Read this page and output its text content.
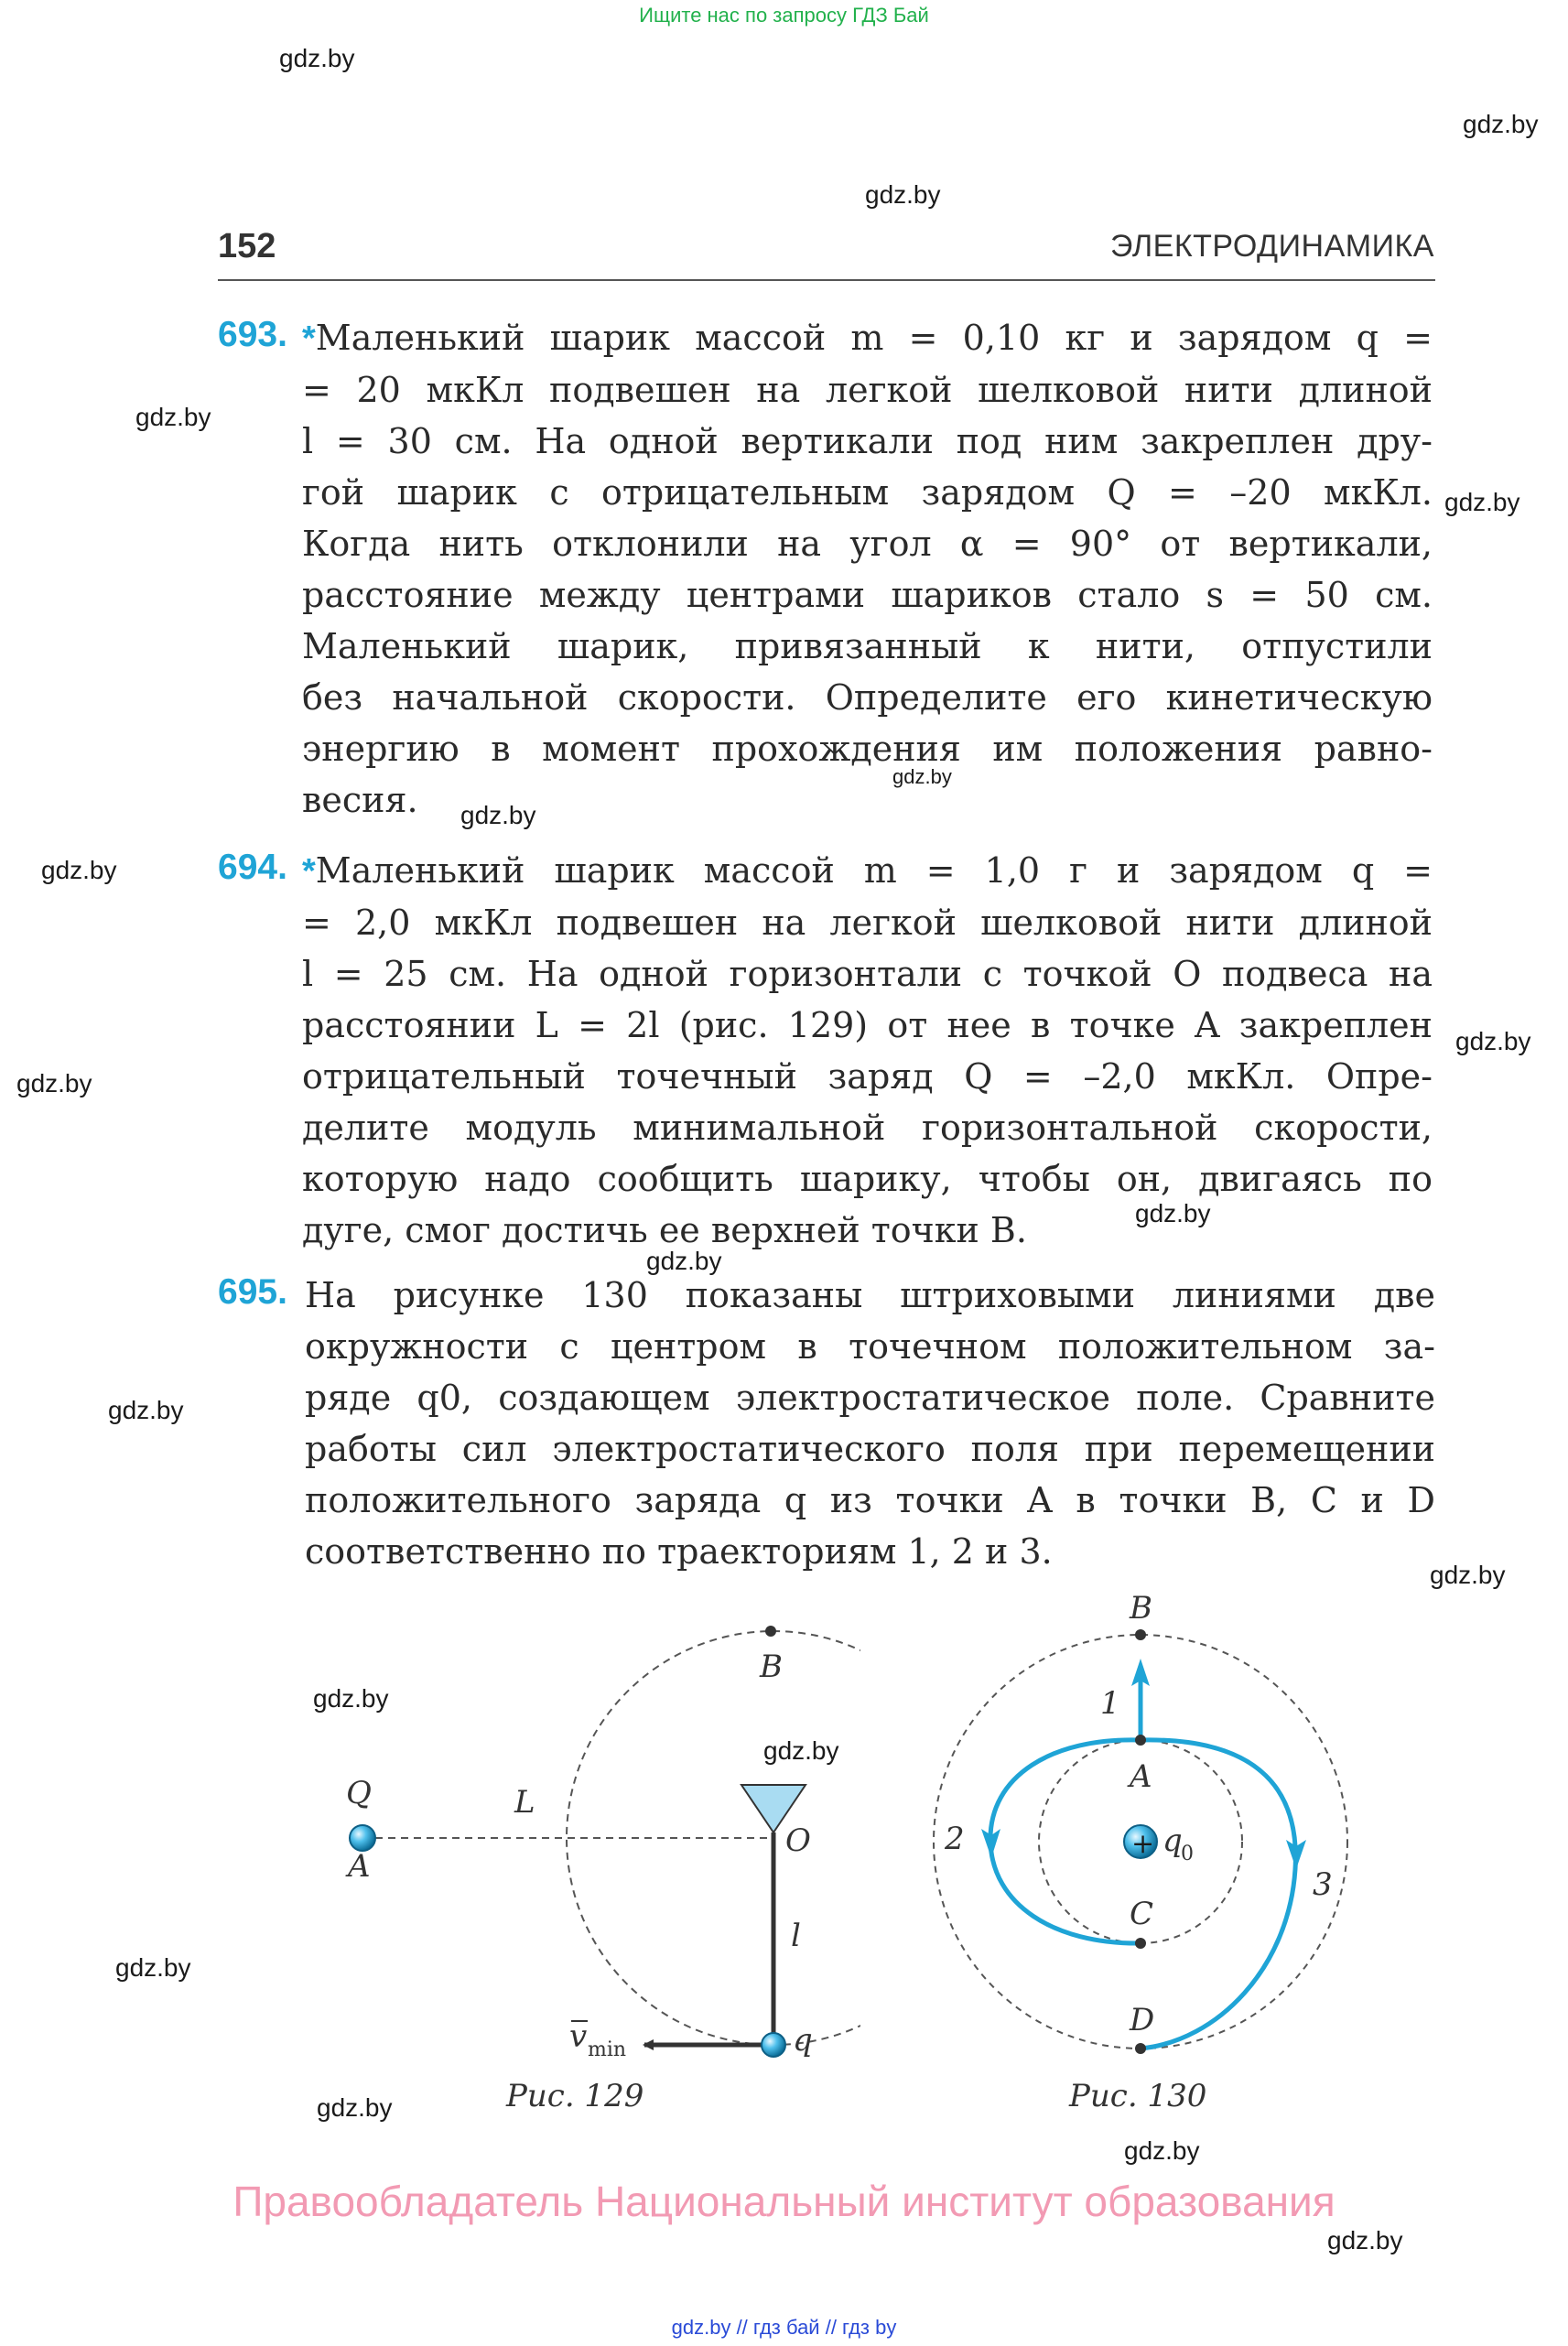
Ищите нас по запросу ГДЗ Бай
gdz.by
gdz.by
gdz.by
gdz.by
gdz.by
gdz.by
gdz.by
gdz.by
gdz.by
gdz.by
gdz.by
gdz.by
gdz.by
gdz.by
gdz.by
gdz.by
gdz.by
gdz.by
gdz.by
gdz.by
152	ЭЛЕКТРОДИНАМИКА
693. *Маленький шарик массой m = 0,10 кг и зарядом q =
= 20 мкКл подвешен на легкой шелковой нити длиной
l = 30 см. На одной вертикали под ним закреплен дру-
гой шарик с отрицательным зарядом Q = –20 мкКл.
Когда нить отклонили на угол α = 90° от вертикали,
расстояние между центрами шариков стало s = 50 см.
Маленький шарик, привязанный к нити, отпустили
без начальной скорости. Определите его кинетическую
энергию в момент прохождения им положения равно-
весия.
694. *Маленький шарик массой m = 1,0 г и зарядом q =
= 2,0 мкКл подвешен на легкой шелковой нити длиной
l = 25 см. На одной горизонтали с точкой O подвеса на
расстоянии L = 2l (рис. 129) от нее в точке A закреплен
отрицательный точечный заряд Q = –2,0 мкКл. Опре-
делите модуль минимальной горизонтальной скорости,
которую надо сообщить шарику, чтобы он, двигаясь по
дуге, смог достичь ее верхней точки B.
695. На рисунке 130 показаны штриховыми линиями две
окружности с центром в точечном положительном за-
ряде q0, создающем электростатическое поле. Сравните
работы сил электростатического поля при перемещении
положительного заряда q из точки A в точки B, C и D
соответственно по траекториям 1, 2 и 3.
B
Q
A
L
O
l
q
v min
Рис. 129
+
B
A
C
D
q
0
1
2
3
Рис. 130
Правообладатель Национальный институт образования
gdz.by // гдз бай // гдз by
